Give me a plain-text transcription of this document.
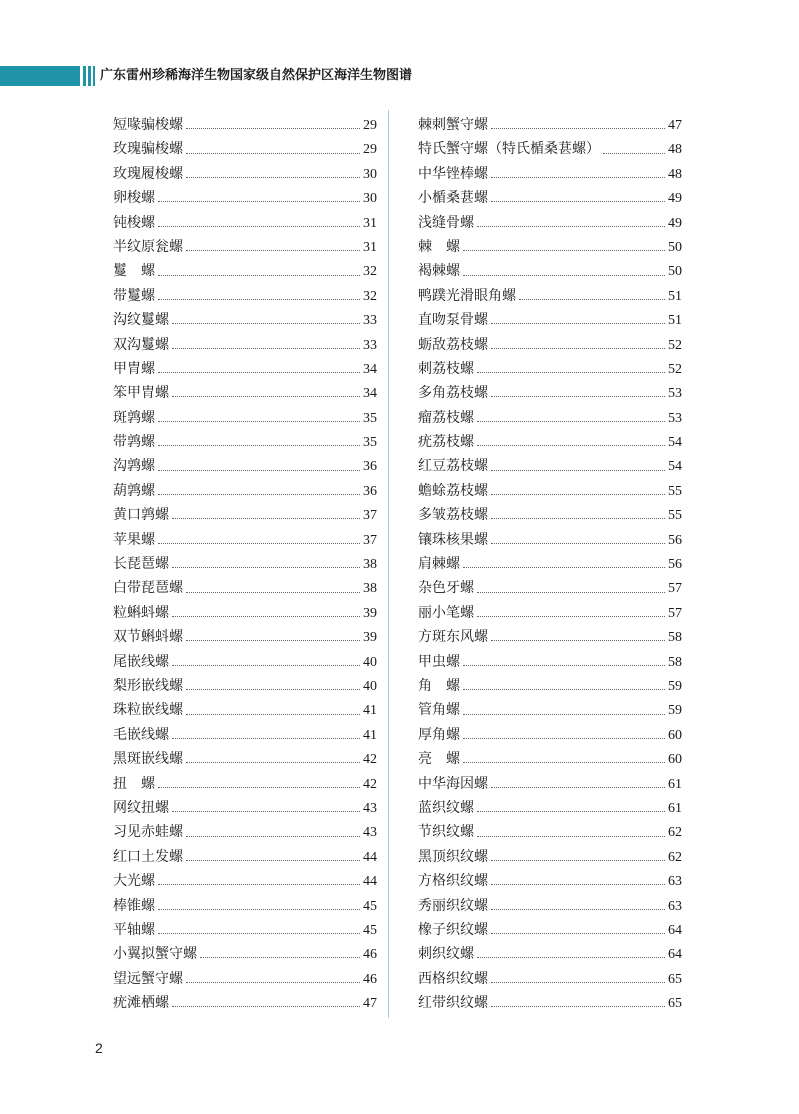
广东雷州珍稀海洋生物国家级自然保护区海洋生物图谱
短喙骗梭螺	29
玫瑰骗梭螺	29
玫瑰履梭螺	30
卵梭螺	30
钝梭螺	31
半纹原瓮螺	31
鬘　螺	32
带鬘螺	32
沟纹鬘螺	33
双沟鬘螺	33
甲胄螺	34
笨甲胄螺	34
斑鹑螺	35
带鹑螺	35
沟鹑螺	36
葫鹑螺	36
黄口鹑螺	37
苹果螺	37
长琵琶螺	38
白带琵琶螺	38
粒蝌蚪螺	39
双节蝌蚪螺	39
尾嵌线螺	40
梨形嵌线螺	40
珠粒嵌线螺	41
毛嵌线螺	41
黑斑嵌线螺	42
扭　螺	42
网纹扭螺	43
习见赤蛙螺	43
红口土发螺	44
大光螺	44
棒锥螺	45
平轴螺	45
小翼拟蟹守螺	46
望远蟹守螺	46
疣滩栖螺	47
棘刺蟹守螺	47
特氏蟹守螺（特氏楯桑葚螺）	48
中华锉棒螺	48
小楯桑葚螺	49
浅缝骨螺	49
棘　螺	50
褐棘螺	50
鸭蹼光滑眼角螺	51
直吻泵骨螺	51
蛎敌荔枝螺	52
刺荔枝螺	52
多角荔枝螺	53
瘤荔枝螺	53
疣荔枝螺	54
红豆荔枝螺	54
蟾蜍荔枝螺	55
多皱荔枝螺	55
镶珠核果螺	56
肩棘螺	56
杂色牙螺	57
丽小笔螺	57
方斑东风螺	58
甲虫螺	58
角　螺	59
管角螺	59
厚角螺	60
亮　螺	60
中华海因螺	61
蓝织纹螺	61
节织纹螺	62
黑顶织纹螺	62
方格织纹螺	63
秀丽织纹螺	63
橡子织纹螺	64
刺织纹螺	64
西格织纹螺	65
红带织纹螺	65
2
